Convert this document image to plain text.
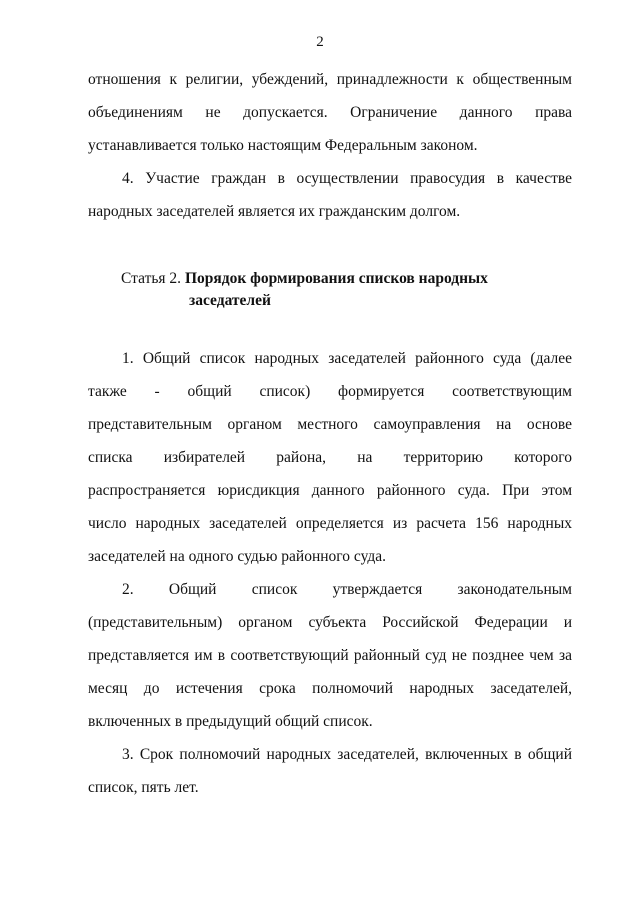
2
отношения к религии, убеждений, принадлежности к общественным
объединениям не допускается. Ограничение данного права
устанавливается только настоящим Федеральным законом.
4. Участие граждан в осуществлении правосудия в качестве
народных заседателей является их гражданским долгом.
Статья 2. Порядок формирования списков народных
заседателей
1. Общий список народных заседателей районного суда (далее
также - общий список) формируется соответствующим
представительным органом местного самоуправления на основе
списка избирателей района, на территорию которого
распространяется юрисдикция данного районного суда. При этом
число народных заседателей определяется из расчета 156 народных
заседателей на одного судью районного суда.
2. Общий список утверждается законодательным
(представительным) органом субъекта Российской Федерации и
представляется им в соответствующий районный суд не позднее чем за
месяц до истечения срока полномочий народных заседателей,
включенных в предыдущий общий список.
3. Срок полномочий народных заседателей, включенных в общий
список, пять лет.
